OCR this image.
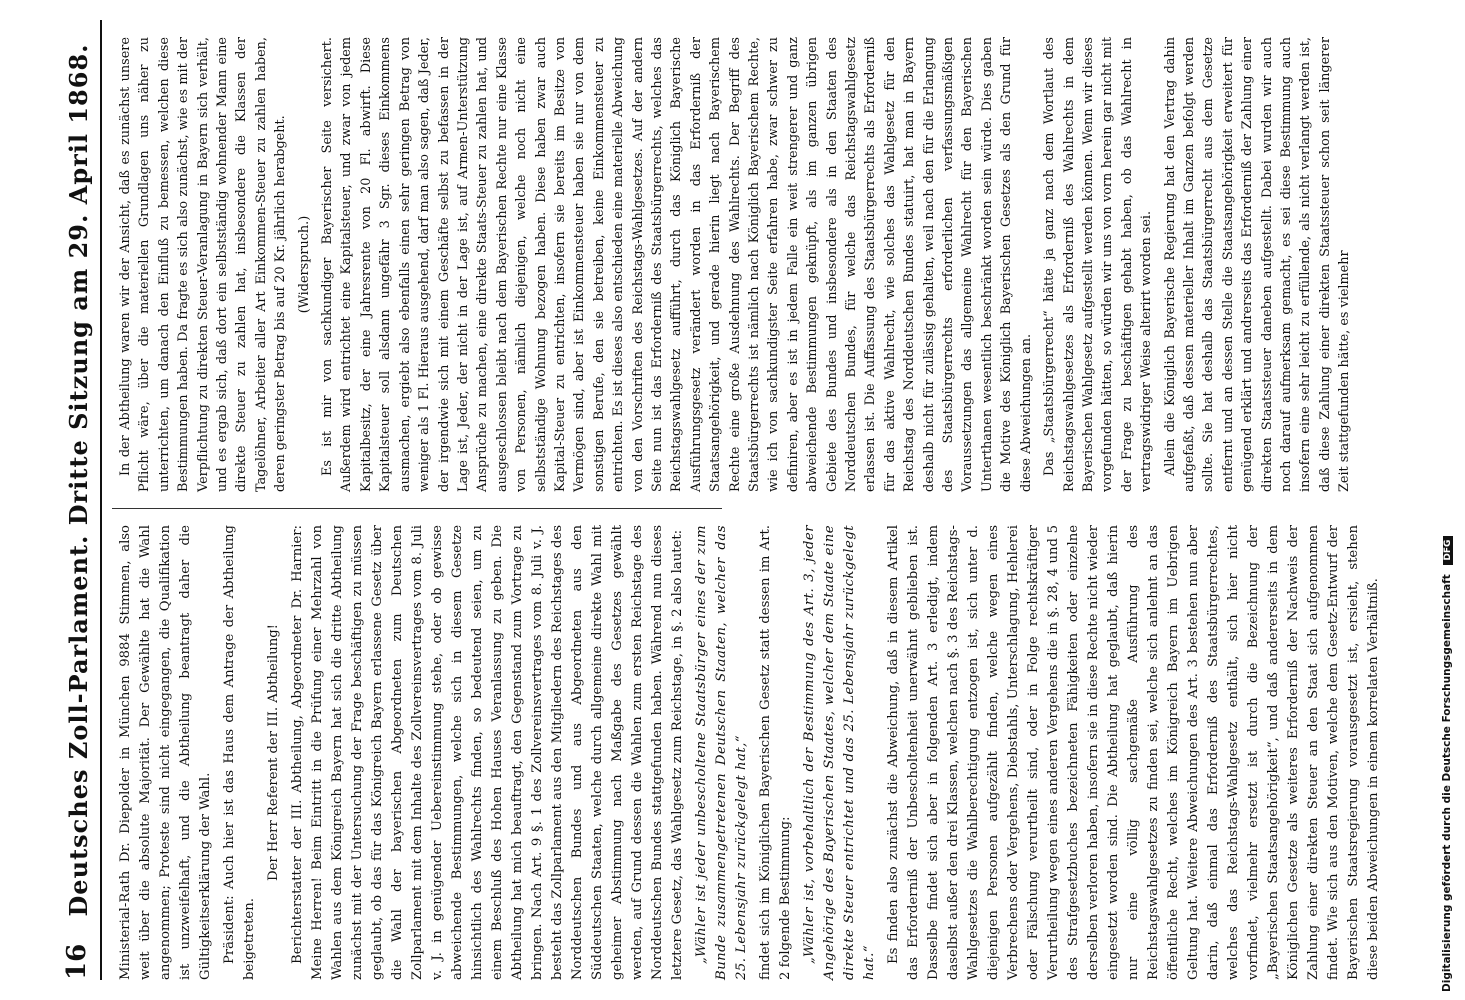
16
Deutsches Zoll-Parlament. Dritte Sitzung am 29. April 1868. Ministerial-Rath Dr. Diepolder in München 9884 Stimmen, also weit über die absolute Majorität. Der Gewählte hat die Wahl angenommen; Proteste sind nicht eingegangen, die Qualifikation ist unzweifelhaft, und die Abtheilung beantragt daher die Gültigkeitserklärung der Wahl. Präsident: Auch hier ist das Haus dem Antrage der Abtheilung beigetreten.

Der Herr Referent der III. Abtheilung! Berichterstatter der III. Abtheilung, Abgeordneter Dr. Harnier: Meine Herren! Beim Eintritt in die Prüfung einer Mehrzahl von Wahlen aus dem Königreich Bayern hat sich die dritte Abtheilung zunächst mit der Untersuchung der Frage beschäftigen zu müssen geglaubt, ob das für das Königreich Bayern erlassene Gesetz über die Wahl der bayerischen Abgeordneten zum Deutschen Zollparlament mit dem Inhalte des Zollvereinsvertrages vom 8. Juli v. J. in genügender Uebereinstimmung stehe, oder ob gewisse abweichende Bestimmungen, welche sich in diesem Gesetze hinsichtlich des Wahlrechts finden, so bedeutend seien, um zu einem Beschluß des Hohen Hauses Veranlassung zu geben. Die Abtheilung hat mich beauftragt, den Gegenstand zum Vortrage zu bringen. Nach Art. 9 §. 1 des Zollvereinsvertrages vom 8. Juli v. J. besteht das Zollparlament aus den Mitgliedern des Reichstages des Norddeutschen Bundes und aus Abgeordneten aus den Süddeutschen Staaten, welche durch allgemeine direkte Wahl mit geheimer Abstimmung nach Maßgabe des Gesetzes gewählt werden, auf Grund dessen die Wahlen zum ersten Reichstage des Norddeutschen Bundes stattgefunden haben. Während nun dieses letztere Gesetz, das Wahlgesetz zum Reichstage, in §. 2 also lautet: „Wähler ist jeder unbescholtene Staatsbürger eines der zum Bunde zusammengetretenen Deutschen Staaten, welcher das 25. Lebensjahr zurückgelegt hat,“ findet sich im Königlichen Bayerischen Gesetz statt dessen im Art. 2 folgende Bestimmung: „Wähler ist, vorbehaltlich der Bestimmung des Art. 3, jeder Angehörige des Bayerischen Staates, welcher dem Staate eine direkte Steuer entrichtet und das 25. Lebensjahr zurückgelegt hat.“ Es finden also zunächst die Abweichung, daß in diesem Artikel das Erforderniß der Unbescholtenheit unerwähnt geblieben ist. Dasselbe findet sich aber in folgenden Art. 3 erledigt, indem daselbst außer den drei Klassen, welchen nach §. 3 des Reichstags-Wahlgesetzes die Wahlberechtigung entzogen ist, sich unter d. diejenigen Personen aufgezählt finden, welche wegen eines Verbrechens oder Vergehens, Diebstahls, Unterschlagung, Hehlerei oder Fälschung verurtheilt sind, oder in Folge rechtskräftiger Verurtheilung wegen eines anderen Vergehens die in §. 28, 4 und 5 des Strafgesetzbuches bezeichneten Fähigkeiten oder einzelne derselben verloren haben, insofern sie in diese Rechte nicht wieder eingesetzt worden sind. Die Abtheilung hat geglaubt, daß hierin nur eine völlig sachgemäße Ausführung des Reichstagswahlgesetzes zu finden sei, welche sich anlehnt an das öffentliche Recht, welches im Königreich Bayern im Uebrigen Geltung hat. Weitere Abweichungen des Art. 3 bestehen nun aber darin, daß einmal das Erforderniß des Staatsbürgerrechtes, welches das Reichstags-Wahlgesetz enthält, sich hier nicht vorfindet, vielmehr ersetzt ist durch die Bezeichnung der „Bayerischen Staatsangehörigkeit“, und daß andererseits in dem Königlichen Gesetze als weiteres Erforderniß der Nachweis der Zahlung einer direkten Steuer an den Staat sich aufgenommen findet. Wie sich aus den Motiven, welche dem Gesetz-Entwurf der Bayerischen Staatsregierung vorausgesetzt ist, ersieht, stehen diese beiden Abweichungen in einem korrelaten Verhältniß.

In der Abtheilung waren wir der Ansicht, daß es zunächst unsere Pflicht wäre, über die materiellen Grundlagen uns näher zu unterrichten, um danach den Einfluß zu bemessen, welchen diese Bestimmungen haben. Da fragte es sich also zunächst, wie es mit der Verpflichtung zu direkten Steuer-Veranlagung in Bayern sich verhält, und es ergab sich, daß dort ein selbstständig wohnender Mann eine direkte Steuer zu zahlen hat, insbesondere die Klassen der Tagelöhner, Arbeiter aller Art Einkommen-Steuer zu zahlen haben, deren geringster Betrag bis auf 20 Kr. jährlich herabgeht. (Widerspruch.) Es ist mir von sachkundiger Bayerischer Seite versichert. Außerdem wird entrichtet eine Kapitalsteuer, und zwar von jedem Kapitalbesitz, der eine Jahresrente von 20 Fl. abwirft. Diese Kapitalsteuer soll alsdann ungefähr 3 Sgr. dieses Einkommens ausmachen, ergiebt also ebenfalls einen sehr geringen Betrag von weniger als 1 Fl. Hieraus ausgehend, darf man also sagen, daß Jeder, der irgendwie sich mit einem Geschäfte selbst zu befassen in der Lage ist, Jeder, der nicht in der Lage ist, auf Armen-Unterstützung Ansprüche zu machen, eine direkte Staats-Steuer zu zahlen hat, und ausgeschlossen bleibt nach dem Bayerischen Rechte nur eine Klasse von Personen, nämlich diejenigen, welche noch nicht eine selbstständige Wohnung bezogen haben. Diese haben zwar auch Kapital-Steuer zu entrichten, insofern sie bereits im Besitze von Vermögen sind, aber ist Einkommensteuer haben sie nur von dem sonstigen Berufe, den sie betreiben, keine Einkommensteuer zu entrichten. Es ist dieses also entschieden eine materielle Abweichung von den Vorschriften des Reichstags-Wahlgesetzes. Auf der andern Seite nun ist das Erforderniß des Staatsbürgerrechts, welches das Reichstagswahlgesetz aufführt, durch das Königlich Bayerische Ausführungsgesetz verändert worden in das Erforderniß der Staatsangehörigkeit, und gerade hierin liegt nach Bayerischem Rechte eine große Ausdehnung des Wahlrechts. Der Begriff des Staatsbürgerrechts ist nämlich nach Königlich Bayerischem Rechte, wie ich von sachkundigster Seite erfahren habe, zwar schwer zu definiren, aber es ist in jedem Falle ein weit strengerer und ganz abweichende Bestimmungen geknüpft, als im ganzen übrigen Gebiete des Bundes und insbesondere als in den Staaten des Norddeutschen Bundes, für welche das Reichstagswahlgesetz erlassen ist. Die Auffassung des Staatsbürgerrechts als Erforderniß für das aktive Wahlrecht, wie solches das Wahlgesetz für den Reichstag des Norddeutschen Bundes statuirt, hat man in Bayern deshalb nicht für zulässig gehalten, weil nach den für die Erlangung des Staatsbürgerrechts erforderlichen verfassungsmäßigen Voraussetzungen das allgemeine Wahlrecht für den Bayerischen Unterthanen wesentlich beschränkt worden sein würde. Dies gaben die Motive des Königlich Bayerischen Gesetzes als den Grund für diese Abweichungen an. Das „Staatsbürgerrecht“ hätte ja ganz nach dem Wortlaut des Reichstagswahlgesetzes als Erforderniß des Wahlrechts in dem Bayerischen Wahlgesetz aufgestellt werden können. Wenn wir dieses vorgefunden hätten, so würden wir uns von vorn herein gar nicht mit der Frage zu beschäftigen gehabt haben, ob das Wahlrecht in vertragswidriger Weise alterirt worden sei. Allein die Königlich Bayerische Regierung hat den Vertrag dahin aufgefaßt, daß dessen materieller Inhalt im Ganzen befolgt werden sollte. Sie hat deshalb das Staatsbürgerrecht aus dem Gesetze entfernt und an dessen Stelle die Staatsangehörigkeit erweitert für genügend erklärt und andrerseits das Erforderniß der Zahlung einer direkten Staatssteuer daneben aufgestellt. Dabei wurden wir auch noch darauf aufmerksam gemacht, es sei diese Bestimmung auch insofern eine sehr leicht zu erfüllende, als nicht verlangt werden ist, daß diese Zahlung einer direkten Staatssteuer schon seit längerer Zeit stattgefunden hätte, es vielmehr

Digitalisierung gefördert durch die Deutsche Forschungsgemeinschaft DFG
